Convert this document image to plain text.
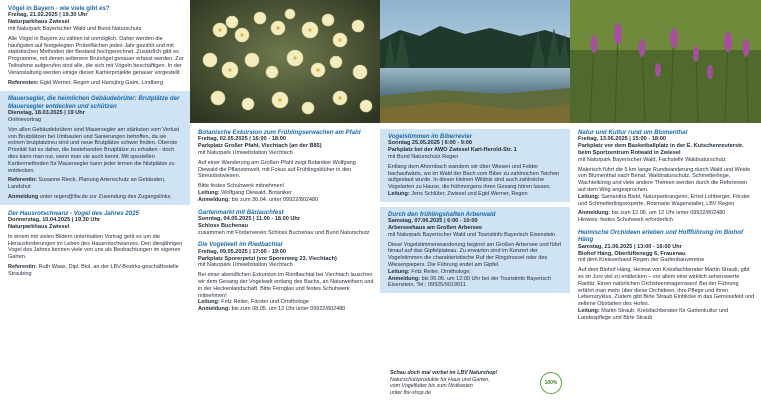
Vögel in Bayern - wie viele gibt es?
Freitag, 21.02.2025 | 19.30 Uhr
Naturparkhaus Zwiesel
mit Naturpark Bayerischer Wald und Bund Naturschutz
Alle Vögel in Bayern zu zählen ist unmöglich. Daher werden die häufigsten auf festgelegten Probeflächen jedes Jahr gezählt und mit statistischen Methoden der Bestand hochgerechnet. Zusätzlich gibt es Programme, mit denen seltenere Brutvögel genauer erfasst werden. Zur Teilnahme aufgerufen sind alle, die sich mit Vögeln beschäftigen. In der Veranstaltung werden einige dieser Kartierprojekte genauer vorgestellt.
Referenten: Egid Werner, Regen und Hansjörg Gaim, Lindberg
Mauersegler, die heimlichen Gebäudebrüter: Brutplätze der Mauersegler entdecken und schützen
Dienstag, 18.03.2025 | 19 Uhr
Onlinevortrag
Von allen Gebäudebrütern sind Mauersegler am stärksten vom Verlust von Brutplätzen bei Umbauten und Sanierungen betroffen, da sie extrem brutplatztreu sind und neue Brutplätze schwer finden. Oberste Priorität hat es daher, die bestehenden Brutplätze zu erhalten - doch dies kann man nur, wenn man sie auch kennt. Mit speziellen Kartiermethoden für Mauersegler kann jeder lernen die Nistplätze zu entdecken.
Referentin: Susanne Rieck, Planung Artenschutz an Gebäuden, Landshut
Anmeldung unter regen@lbv.de zur Zusendung des Zugangslinks.
Der Hausrotschwanz - Vogel des Jahres 2025
Donnerstag, 10.04.2025 | 19.30 Uhr
Naturparkhaus Zwiesel
In einem mit vielen Bildern untermalten Vortrag geht es um die Herausforderungen im Leben des Hausrotschwanzes. Den diesjährigen Vogel des Jahres kennen viele von uns als Beobachtungen im eigenen Garten.
Referentin: Ruth Waas, Dipl. Biol. an der LBV-Bezirks-geschäftsstelle Straubing
Botanische Exkursion zum Frühlingserwachen am Pfahl
Freitag, 02.05.2025 | 16:00 - 18:00
Parkplatz Großer Pfahl, Viechtach (an der B85)
mit Naturpark Umweltstation Viechtach
Auf einer Wanderung am Großen Pfahl zeigt Botaniker Wolfgang Diewald die Pflanzenwelt, mit Fokus auf Frühlingsblüher in den Streuobstwiesen.
Bitte festes Schuhwerk mitnehmen!
Leitung: Wolfgang Diewald, Botaniker
Anmeldung: bis zum 30.04. unter 09922/802480
Gartenmarkt mit Bärlauchfest
Sonntag, 04.05.2025 | 11.00 - 18.00 Uhr
Schloss Buchenau
zusammen mit Förderverein Schloss Buchenau und Bund Naturschutz
Die Vogelwelt im Riedbachtal
Freitag, 09.05.2025 | 17:00 - 19:00
Parkplatz Sporerpetzi (vor Sporerweg 23, Viechtach)
mit Naturpark Umweltstation Viechtach
Bei einer abendlichen Exkursion im Riedbachtal bei Viechtach lauschen wir dem Gesang der Vogelwelt entlang des Bachs, an Naturweihern und in der Heckenlandschaft. Bitte Fernglas und festes Schuhwerk mitnehmen!
Leitung: Fritz Reiter, Förster und Ornithologe
Anmeldung: bis zum 08.05. um 12 Uhr unter 09922/802480
Vogelstimmen im Biberrevier
Sonntag 25.05.2025 | 6:00 - 9:00
Parkplatz bei der AWO Zwiesel Karl-Herold-Str. 1
mit Bund Naturschutz Regen
Entlang dem Ahornbach wandern wir über Wiesen und Felder bachaufwärts, wo im Wald der Bach vom Biber zu zahlreichen Teichen aufgestaut wurde. In dieser kleinen Wildnis sind auch zahlreiche Vogelarten zu Hause, die frühmorgens ihren Gesang hören lassen.
Leitung: Jens Schlüter, Zwiesel und Egid Werner, Regen
Durch den frühlingshaften Arberwald
Samstag, 07.06.2025 | 6:00 - 10:00
Arberseehaus am Großen Arbersee
mit Naturpark Bayerischer Wald und Touristinfo Bayerisch Eisenstein
Diese Vogelstimmenwanderung beginnt am Großen Arbersee und führt hinauf auf das Gipfelplateau. Zu erwarten sind im Konzert der Vogelstimmen die charakteristische Ruf der Ringdrossel oder des Wiesenpiepers. Die Führung endet am Gipfel.
Leitung: Fritz Reiter, Ornithologe;
Anmeldung: bis 06.06. um 12:00 Uhr bei der Touristinfo Bayerisch Eisenstein, Tel.: 09925/9019011
Schau doch mal vorbei im LBV Naturshop!
Naturschutzprodukte für Haus und Garten,
vom Vogelfutter bis zum Nistkasten
unter lbv-shop.de
100%
Natur und Kultur rund um Blumenthal
Freitag, 13.06.2025 | 15:00 - 18:00
Parkplatz vor dem Basketballplatz in der E. Kutschenreuterstr. beim Sportzentrum Rotwald in Zwiesel
mit Naturpark Bayerischer Wald, Fachstelle Waldnaturschutz
Malerisch führt die 5 km lange Rundwanderung durch Wald und Weide von Blumenthal nach Benat. Waldnaturschutz, Schmetterlinge, Wachtelkönig und viele andere Themen werden durch die Referenten auf dem Weg angesprochen.
Leitung: Samantha Biebl, Naturparkrangerin, Ernst Lohberger, Förster und Schmetterlingsexperte, Rosmarie Wagenstaller, LBV Regen
Anmeldung: bis zum 12.06. um 12 Uhr unter 09922/802480
Hinweis: festes Schuhwerk erforderlich
Heimische Orchideen erleben und Hoffführung im Biohof Häng
Samstag, 21.06.2025 | 13:00 - 16:00 Uhr
Biohof Häng, Oberlüftenegg 6, Frauenau
mit dem Kreisverband Regen der Gartenbauvereine
Auf dem Biohof Häng, Heimat von Kreisfachberater Martin Straub, gibt es im Juni viel zu entdecken – vor allem eine wirklich sehenswerte Rarität: Einen natürlichen Orchideenmagerrasen! Bei der Führung erfährt man mehr über diese Orchideen, ihre Pflege und ihren Lebenszyklus. Zudem gibt Birte Straub Einblicke in das Gemüsefeld und seltene Obstarten des Hofes.
Leitung: Martin Straub, Kreisfachberater für Gartenkultur und Landespflege und Birte Straub
